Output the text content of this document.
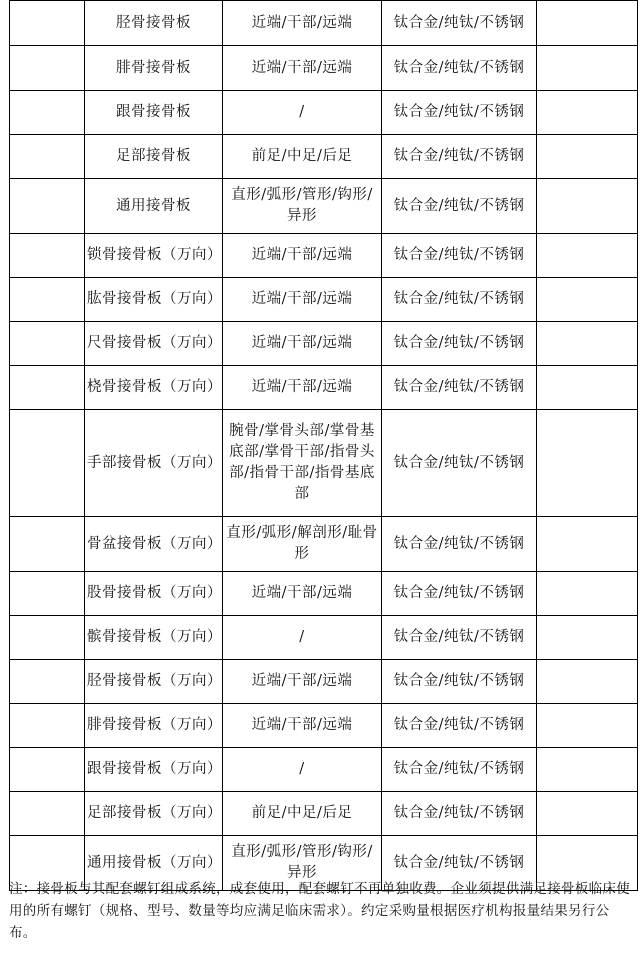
	胫骨接骨板	近端/干部/远端	钛合金/纯钛/不锈钢	
	腓骨接骨板	近端/干部/远端	钛合金/纯钛/不锈钢	
	跟骨接骨板	/	钛合金/纯钛/不锈钢	
	足部接骨板	前足/中足/后足	钛合金/纯钛/不锈钢	
	通用接骨板	直形/弧形/管形/钩形/异形	钛合金/纯钛/不锈钢	
	锁骨接骨板（万向）	近端/干部/远端	钛合金/纯钛/不锈钢	
	肱骨接骨板（万向）	近端/干部/远端	钛合金/纯钛/不锈钢	
	尺骨接骨板（万向）	近端/干部/远端	钛合金/纯钛/不锈钢	
	桡骨接骨板（万向）	近端/干部/远端	钛合金/纯钛/不锈钢	
	手部接骨板（万向）	腕骨/掌骨头部/掌骨基底部/掌骨干部/指骨头部/指骨干部/指骨基底部	钛合金/纯钛/不锈钢	
	骨盆接骨板（万向）	直形/弧形/解剖形/耻骨形	钛合金/纯钛/不锈钢	
	股骨接骨板（万向）	近端/干部/远端	钛合金/纯钛/不锈钢	
	髌骨接骨板（万向）	/	钛合金/纯钛/不锈钢	
	胫骨接骨板（万向）	近端/干部/远端	钛合金/纯钛/不锈钢	
	腓骨接骨板（万向）	近端/干部/远端	钛合金/纯钛/不锈钢	
	跟骨接骨板（万向）	/	钛合金/纯钛/不锈钢	
	足部接骨板（万向）	前足/中足/后足	钛合金/纯钛/不锈钢	
	通用接骨板（万向）	直形/弧形/管形/钩形/异形	钛合金/纯钛/不锈钢	
注：接骨板与其配套螺钉组成系统，成套使用，配套螺钉不再单独收费。企业须提供满足接骨板临床使用的所有螺钉（规格、型号、数量等均应满足临床需求）。约定采购量根据医疗机构报量结果另行公布。
